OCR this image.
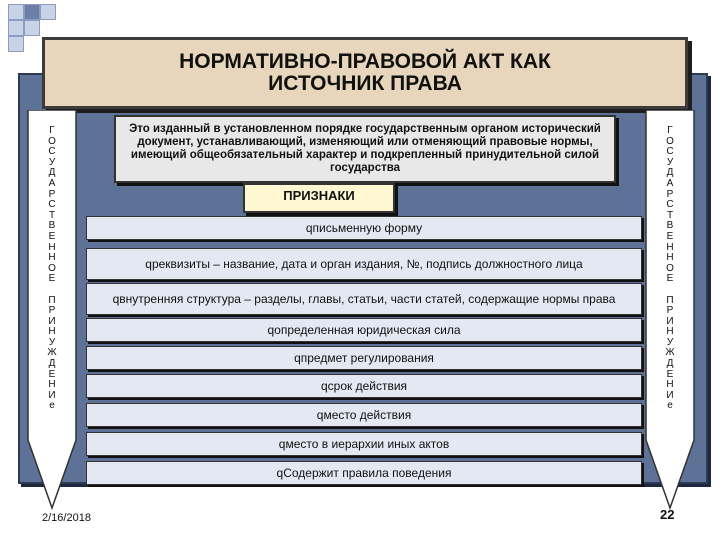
НОРМАТИВНО-ПРАВОВОЙ АКТ КАК
ИСТОЧНИК ПРАВА
Г
О
С
У
Д
А
Р
С
Т
В
Е
Н
Н
О
Е

П
Р
И
Н
У
Ж
Д
Е
Н
И
е
Г
О
С
У
Д
А
Р
С
Т
В
Е
Н
Н
О
Е

П
Р
И
Н
У
Ж
Д
Е
Н
И
е
Это изданный в установленном порядке государственным органом исторический документ, устанавливающий, изменяющий или отменяющий правовые нормы, имеющий общеобязательный характер и подкрепленный принудительной силой государства
ПРИЗНАКИ
qписьменную форму
qреквизиты – название, дата и орган издания, №, подпись должностного лица
qвнутренняя структура – разделы, главы, статьи, части статей, содержащие нормы права
qопределенная юридическая сила
qпредмет регулирования
qсрок действия
qместо действия
qместо в иерархии иных актов
qСодержит правила поведения
2/16/2018	22
